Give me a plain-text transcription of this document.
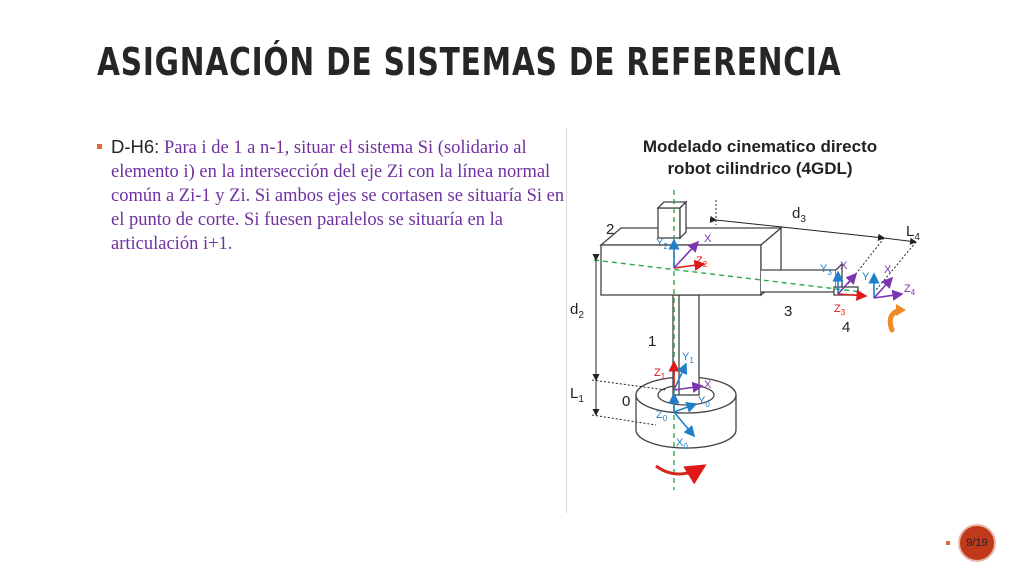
ASIGNACIÓN DE SISTEMAS DE REFERENCIA
D-H6: Para i de 1 a n-1, situar el sistema Si (solidario al elemento i) en la intersección del eje Zi con la línea normal común a Zi-1 y Zi. Si ambos ejes se cortasen se situaría Si en el punto de corte. Si fuesen paralelos se situaría en la articulación i+1.
Modelado cinematico directo robot cilindrico (4GDL)
$d_2$
$L_1$
$d_3$
$L_4$
0
1
2
3
4
$Y_2$
$Z_2$
X
$Y_3$
X
$Z_3$
$Y_4$
X
$Z_4$
$Z_1$
$Y_1$
X
$Z_0$
$Y_0$
$X_0$
9/19
